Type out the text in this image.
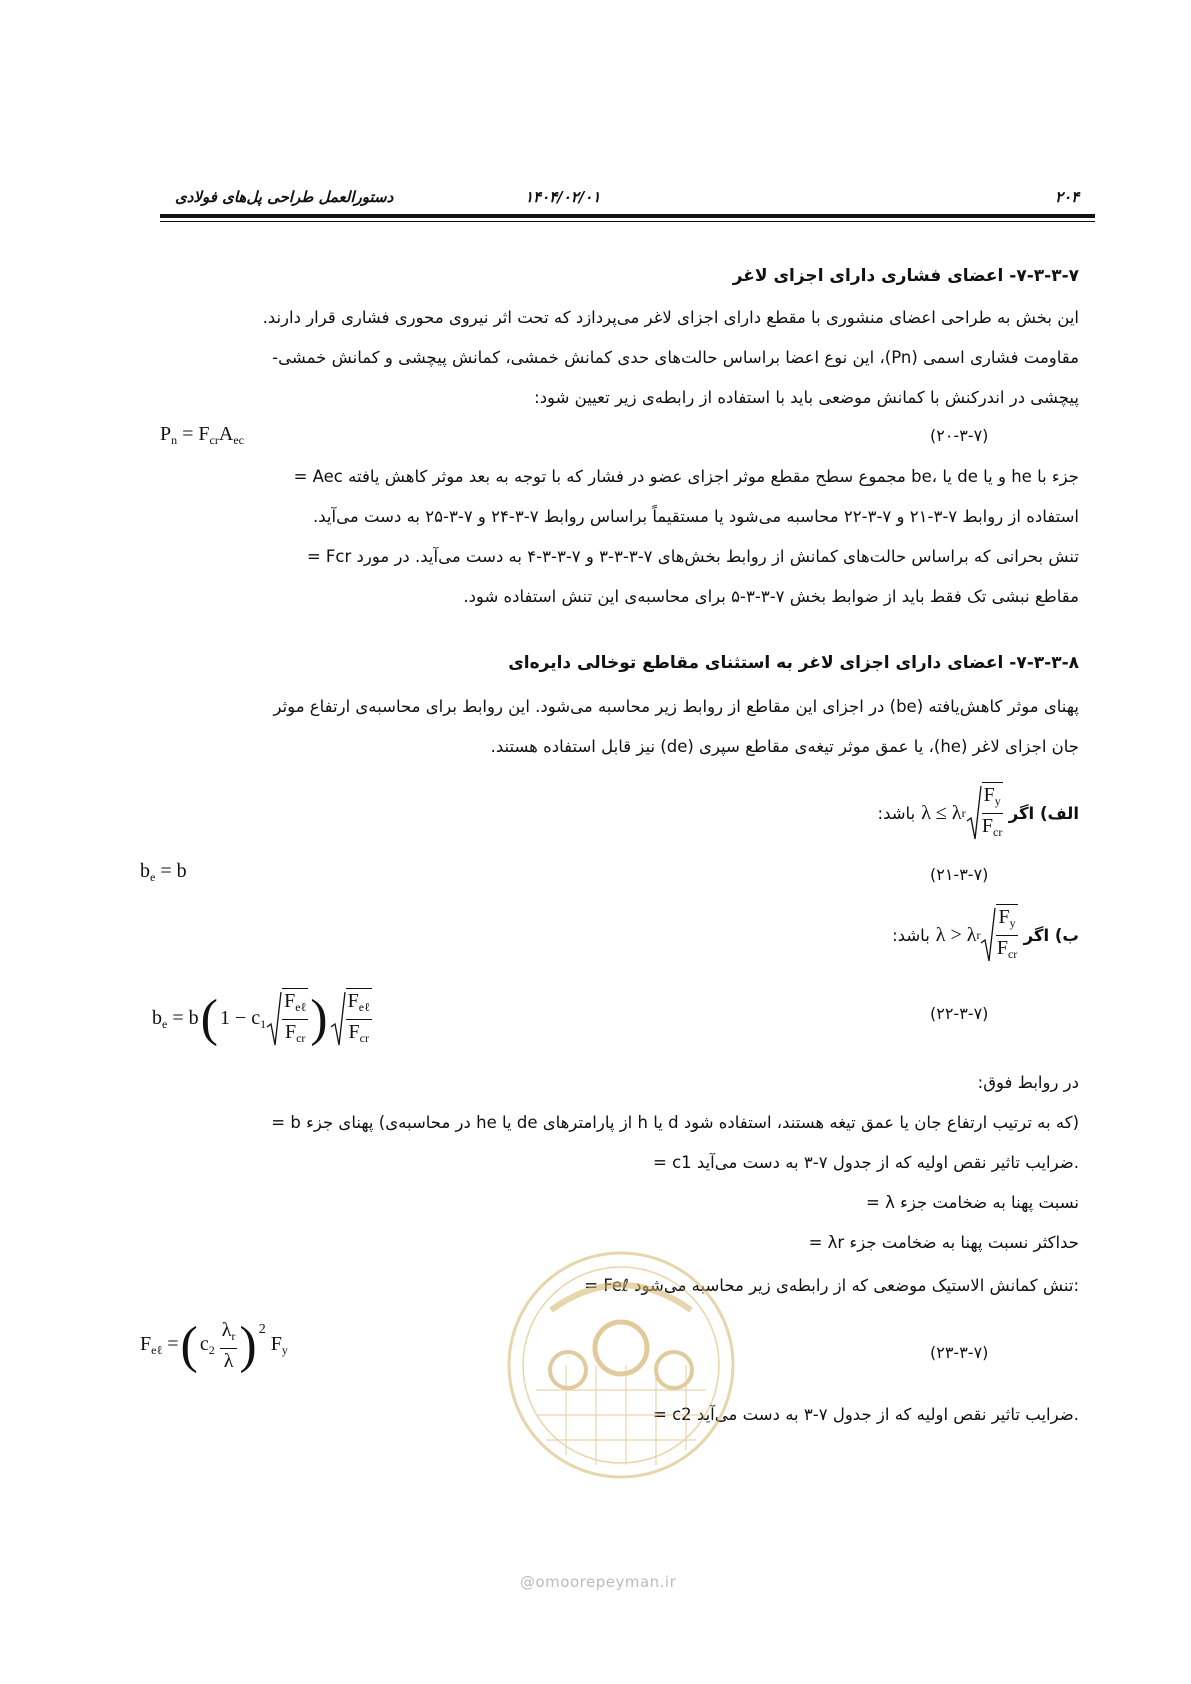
۲۰۴
۱۴۰۴/۰۲/۰۱
دستورالعمل طراحی پل‌های فولادی
۷-۳-۳-۷- اعضای فشاری دارای اجزای لاغر
این بخش به طراحی اعضای منشوری با مقطع دارای اجزای لاغر می‌پردازد که تحت اثر نیروی محوری فشاری قرار دارند.
مقاومت فشاری اسمی (Pn)، این نوع اعضا براساس حالت‌های حدی کمانش خمشی، کمانش پیچشی و کمانش خمشی-
پیچشی در اندرکنش با کمانش موضعی باید با استفاده از رابطه‌ی زیر تعیین شود:
$P_n = F_{cr}A_{ec}$	(۲۰-۳-۷)
= Aec مجموع سطح مقطع موثر اجزای عضو در فشار که با توجه به بعد موثر کاهش یافته be، یا de و یا he جزء با
استفاده از روابط ۷-۳-۲۱ و ۷-۳-۲۲ محاسبه می‌شود یا مستقیماً براساس روابط ۷-۳-۲۴ و ۷-۳-۲۵ به دست می‌آید.
= Fcr تنش بحرانی که براساس حالت‌های کمانش از روابط بخش‌های ۷-۳-۳-۳ و ۷-۳-۳-۴ به دست می‌آید. در مورد
مقاطع نبشی تک فقط باید از ضوابط بخش ۷-۳-۳-۵ برای محاسبه‌ی این تنش استفاده شود.
۷-۳-۳-۸- اعضای دارای اجزای لاغر به استثنای مقاطع توخالی دایره‌ای
پهنای موثر کاهش‌یافته (be) در اجزای این مقاطع از روابط زیر محاسبه می‌شود. این روابط برای محاسبه‌ی ارتفاع موثر
جان اجزای لاغر (he)، یا عمق موثر تیغه‌ی مقاطع سپری (de) نیز قابل استفاده هستند.
الف) اگر
λ ≤ λ r $\frac{F_y}{F_{cr}}$
باشد:
$b_e = b$	(۲۱-۳-۷)
ب) اگر
λ > λ r $\frac{F_y}{F_{cr}}$
باشد:
$b_e = b$ ( $1 - c_1 \frac{F_{e\ell}}{F_{cr}}$ ) $\frac{F_{e\ell}}{F_{cr}}$	(۲۲-۳-۷)
در روابط فوق:
= b پهنای جزء (در محاسبه‌ی he یا de از پارامترهای h یا d که به ترتیب ارتفاع جان یا عمق تیغه هستند، استفاده شود)
= c1 ضرایب تاثیر نقص اولیه که از جدول ۷-۳ به دست می‌آید.
= λ نسبت پهنا به ضخامت جزء
= λr حداکثر نسبت پهنا به ضخامت جزء
= Feℓ تنش کمانش الاستیک موضعی که از رابطه‌ی زیر محاسبه می‌شود:
$F_{e\ell}$ = ( $c_2 \frac{\lambda_r}{\lambda}$ ) 2
$F_y$	(۲۳-۳-۷)
= c2 ضرایب تاثیر نقص اولیه که از جدول ۷-۳ به دست می‌آید.
@omoorepeyman.ir
